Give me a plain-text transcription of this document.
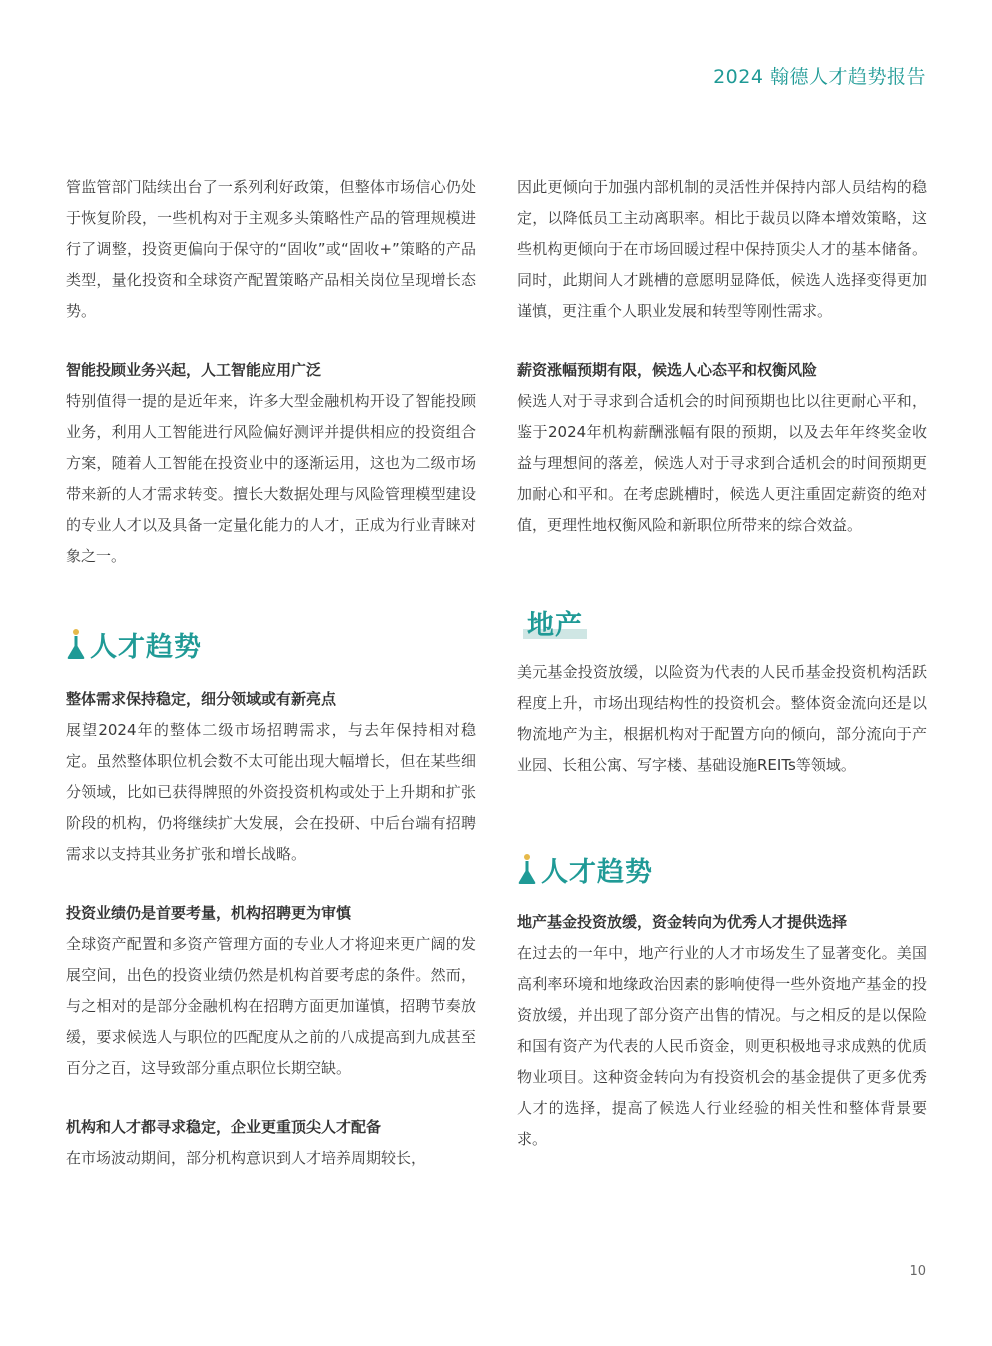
2024 翰德人才趋势报告

管监管部门陆续出台了一系列利好政策，但整体市场信心仍处于恢复阶段，一些机构对于主观多头策略性产品的管理规模进行了调整，投资更偏向于保守的“固收”或“固收+”策略的产品类型，量化投资和全球资产配置策略产品相关岗位呈现增长态势。

智能投顾业务兴起，人工智能应用广泛

特别值得一提的是近年来，许多大型金融机构开设了智能投顾业务，利用人工智能进行风险偏好测评并提供相应的投资组合方案，随着人工智能在投资业中的逐渐运用，这也为二级市场带来新的人才需求转变。擅长大数据处理与风险管理模型建设的专业人才以及具备一定量化能力的人才，正成为行业青睐对象之一。

人才趋势

整体需求保持稳定，细分领域或有新亮点

展望2024年的整体二级市场招聘需求，与去年保持相对稳定。虽然整体职位机会数不太可能出现大幅增长，但在某些细分领域，比如已获得牌照的外资投资机构或处于上升期和扩张阶段的机构，仍将继续扩大发展，会在投研、中后台端有招聘需求以支持其业务扩张和增长战略。

投资业绩仍是首要考量，机构招聘更为审慎

全球资产配置和多资产管理方面的专业人才将迎来更广阔的发展空间，出色的投资业绩仍然是机构首要考虑的条件。然而，与之相对的是部分金融机构在招聘方面更加谨慎，招聘节奏放缓，要求候选人与职位的匹配度从之前的八成提高到九成甚至百分之百，这导致部分重点职位长期空缺。

机构和人才都寻求稳定，企业更重顶尖人才配备

在市场波动期间，部分机构意识到人才培养周期较长，

因此更倾向于加强内部机制的灵活性并保持内部人员结构的稳定，以降低员工主动离职率。相比于裁员以降本增效策略，这些机构更倾向于在市场回暖过程中保持顶尖人才的基本储备。同时，此期间人才跳槽的意愿明显降低，候选人选择变得更加谨慎，更注重个人职业发展和转型等刚性需求。

薪资涨幅预期有限，候选人心态平和权衡风险

候选人对于寻求到合适机会的时间预期也比以往更耐心平和，鉴于2024年机构薪酬涨幅有限的预期，以及去年年终奖金收益与理想间的落差，候选人对于寻求到合适机会的时间预期更加耐心和平和。在考虑跳槽时，候选人更注重固定薪资的绝对值，更理性地权衡风险和新职位所带来的综合效益。

地产

美元基金投资放缓，以险资为代表的人民币基金投资机构活跃程度上升，市场出现结构性的投资机会。整体资金流向还是以物流地产为主，根据机构对于配置方向的倾向，部分流向于产业园、长租公寓、写字楼、基础设施REITs等领域。

人才趋势

地产基金投资放缓，资金转向为优秀人才提供选择

在过去的一年中，地产行业的人才市场发生了显著变化。美国高利率环境和地缘政治因素的影响使得一些外资地产基金的投资放缓，并出现了部分资产出售的情况。与之相反的是以保险和国有资产为代表的人民币资金，则更积极地寻求成熟的优质物业项目。这种资金转向为有投资机会的基金提供了更多优秀人才的选择，提高了候选人行业经验的相关性和整体背景要求。

10
